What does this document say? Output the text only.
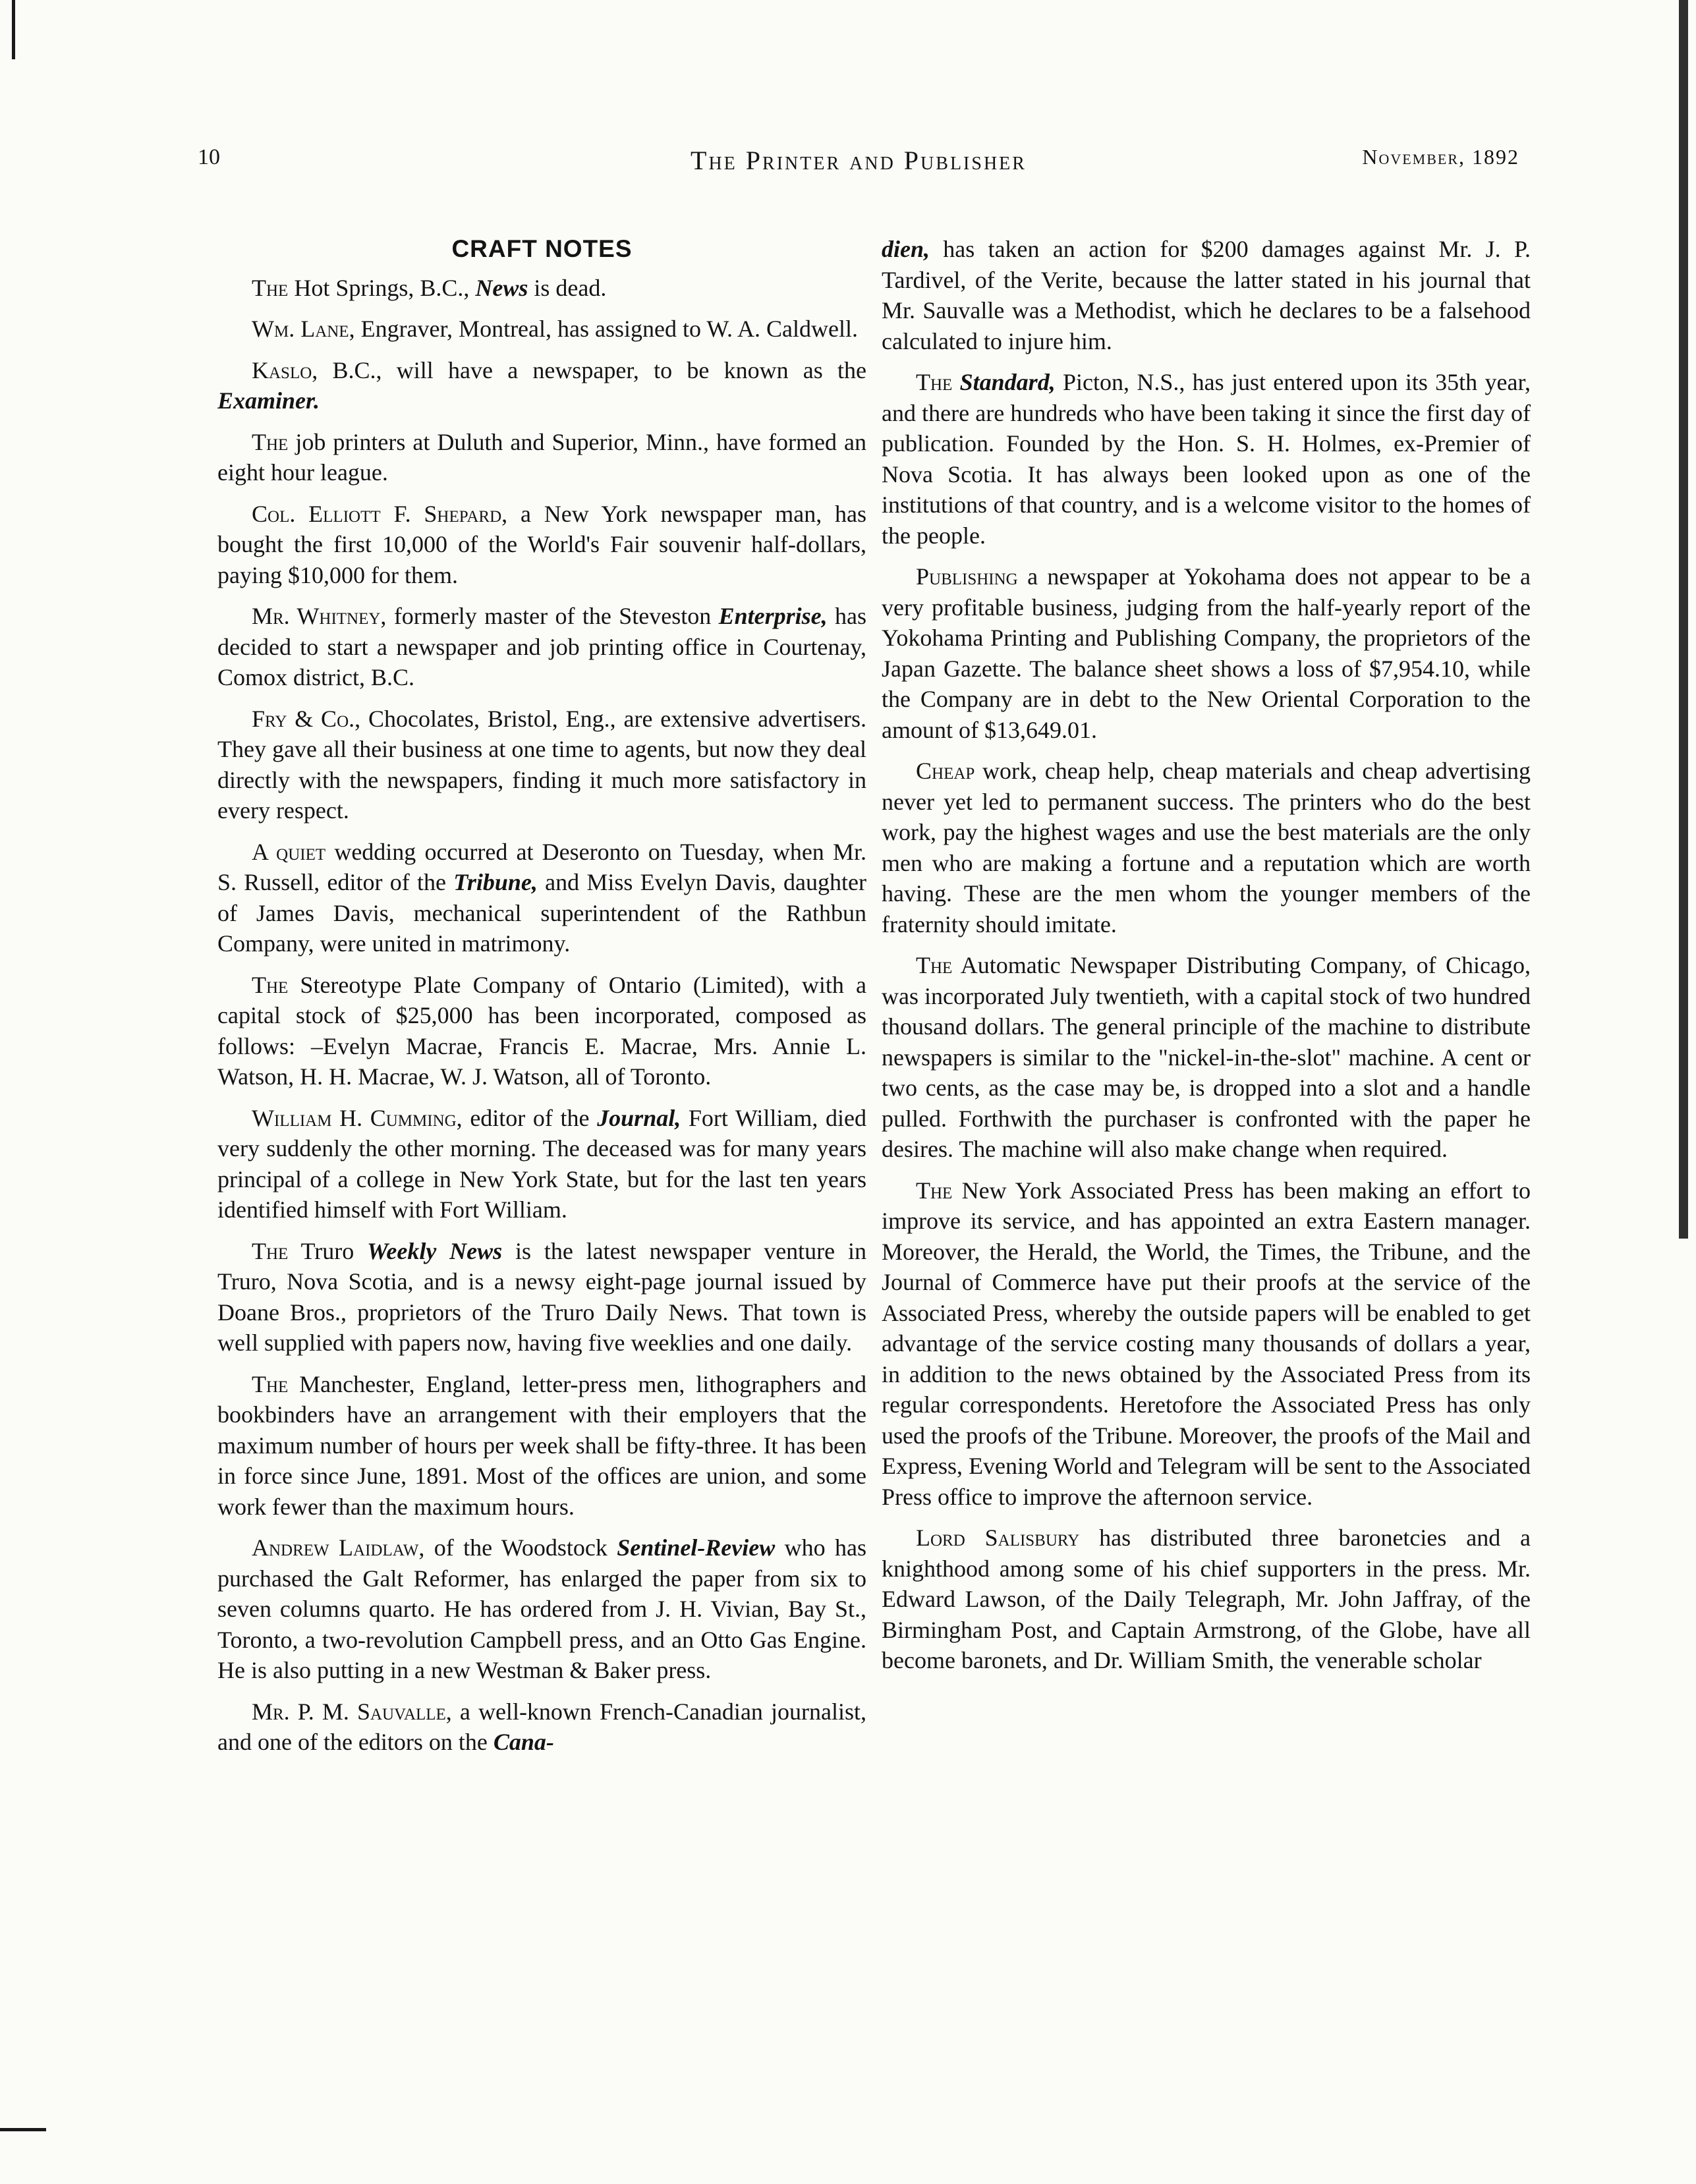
10	The Printer and Publisher	November, 1892
CRAFT NOTES

The Hot Springs, B.C., News is dead.

Wm. Lane, Engraver, Montreal, has assigned to W. A. Caldwell.

Kaslo, B.C., will have a newspaper, to be known as the Examiner.

The job printers at Duluth and Superior, Minn., have formed an eight hour league.

Col. Elliott F. Shepard, a New York newspaper man, has bought the first 10,000 of the World's Fair souvenir half-dollars, paying $10,000 for them.

Mr. Whitney, formerly master of the Steveston Enterprise, has decided to start a newspaper and job printing office in Courtenay, Comox district, B.C.

Fry & Co., Chocolates, Bristol, Eng., are extensive advertisers. They gave all their business at one time to agents, but now they deal directly with the newspapers, finding it much more satisfactory in every respect.

A quiet wedding occurred at Deseronto on Tuesday, when Mr. S. Russell, editor of the Tribune, and Miss Evelyn Davis, daughter of James Davis, mechanical superintendent of the Rathbun Company, were united in matrimony.

The Stereotype Plate Company of Ontario (Limited), with a capital stock of $25,000 has been incorporated, composed as follows: –Evelyn Macrae, Francis E. Macrae, Mrs. Annie L. Watson, H. H. Macrae, W. J. Watson, all of Toronto.

William H. Cumming, editor of the Journal, Fort William, died very suddenly the other morning. The deceased was for many years principal of a college in New York State, but for the last ten years identified himself with Fort William.

The Truro Weekly News is the latest newspaper venture in Truro, Nova Scotia, and is a newsy eight-page journal issued by Doane Bros., proprietors of the Truro Daily News. That town is well supplied with papers now, having five weeklies and one daily.

The Manchester, England, letter-press men, lithographers and bookbinders have an arrangement with their employers that the maximum number of hours per week shall be fifty-three. It has been in force since June, 1891. Most of the offices are union, and some work fewer than the maximum hours.

Andrew Laidlaw, of the Woodstock Sentinel-Review who has purchased the Galt Reformer, has enlarged the paper from six to seven columns quarto. He has ordered from J. H. Vivian, Bay St., Toronto, a two-revolution Campbell press, and an Otto Gas Engine. He is also putting in a new Westman & Baker press.

Mr. P. M. Sauvalle, a well-known French-Canadian journalist, and one of the editors on the Cana-

dien, has taken an action for $200 damages against Mr. J. P. Tardivel, of the Verite, because the latter stated in his journal that Mr. Sauvalle was a Methodist, which he declares to be a falsehood calculated to injure him.

The Standard, Picton, N.S., has just entered upon its 35th year, and there are hundreds who have been taking it since the first day of publication. Founded by the Hon. S. H. Holmes, ex-Premier of Nova Scotia. It has always been looked upon as one of the institutions of that country, and is a welcome visitor to the homes of the people.

Publishing a newspaper at Yokohama does not appear to be a very profitable business, judging from the half-yearly report of the Yokohama Printing and Publishing Company, the proprietors of the Japan Gazette. The balance sheet shows a loss of $7,954.10, while the Company are in debt to the New Oriental Corporation to the amount of $13,649.01.

Cheap work, cheap help, cheap materials and cheap advertising never yet led to permanent success. The printers who do the best work, pay the highest wages and use the best materials are the only men who are making a fortune and a reputation which are worth having. These are the men whom the younger members of the fraternity should imitate.

The Automatic Newspaper Distributing Company, of Chicago, was incorporated July twentieth, with a capital stock of two hundred thousand dollars. The general principle of the machine to distribute newspapers is similar to the "nickel-in-the-slot" machine. A cent or two cents, as the case may be, is dropped into a slot and a handle pulled. Forthwith the purchaser is confronted with the paper he desires. The machine will also make change when required.

The New York Associated Press has been making an effort to improve its service, and has appointed an extra Eastern manager. Moreover, the Herald, the World, the Times, the Tribune, and the Journal of Commerce have put their proofs at the service of the Associated Press, whereby the outside papers will be enabled to get advantage of the service costing many thousands of dollars a year, in addition to the news obtained by the Associated Press from its regular correspondents. Heretofore the Associated Press has only used the proofs of the Tribune. Moreover, the proofs of the Mail and Express, Evening World and Telegram will be sent to the Associated Press office to improve the afternoon service.

Lord Salisbury has distributed three baronetcies and a knighthood among some of his chief supporters in the press. Mr. Edward Lawson, of the Daily Telegraph, Mr. John Jaffray, of the Birmingham Post, and Captain Armstrong, of the Globe, have all become baronets, and Dr. William Smith, the venerable scholar
